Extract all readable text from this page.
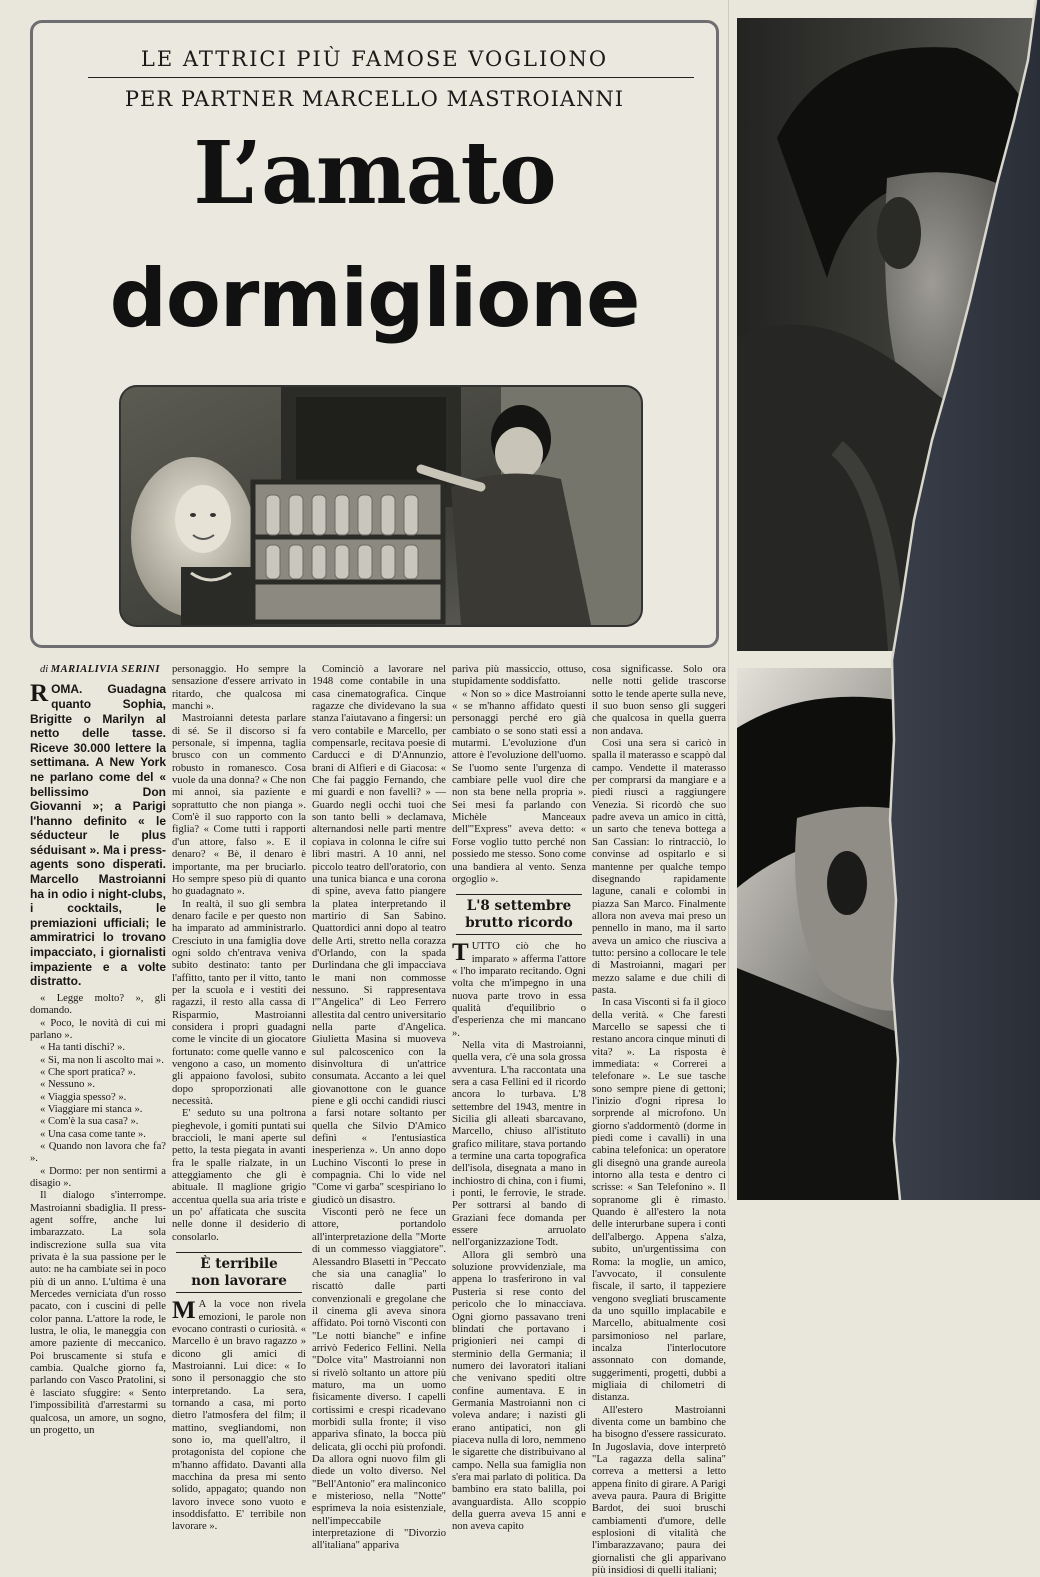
LE ATTRICI PIÙ FAMOSE VOGLIONO
PER PARTNER MARCELLO MASTROIANNI
L’amato
dormiglione

di MARIALIVIA SERINI

ROMA. Guadagna quanto Sophia, Brigitte o Marilyn al netto delle tasse. Riceve 30.000 lettere la settimana. A New York ne parlano come del « bellissimo Don Giovanni »; a Parigi l'hanno definito « le séducteur le plus séduisant ». Ma i press-agents sono disperati. Marcello Mastroianni ha in odio i night-clubs, i cocktails, le premiazioni ufficiali; le ammiratrici lo trovano impacciato, i giornalisti impaziente e a volte distratto.

« Legge molto? », gli domando.

« Poco, le novità di cui mi parlano ».

« Ha tanti dischi? ».

« Sì, ma non li ascolto mai ».

« Che sport pratica? ».

« Nessuno ».

« Viaggia spesso? ».

« Viaggiare mi stanca ».

« Com'è la sua casa? ».

« Una casa come tante ».

« Quando non lavora che fa? ».

« Dormo: per non sentirmi a disagio ».

Il dialogo s'interrompe. Mastroianni sbadiglia. Il press-agent soffre, anche lui imbarazzato. La sola indiscrezione sulla sua vita privata è la sua passione per le auto: ne ha cambiate sei in poco più di un anno. L'ultima è una Mercedes verniciata d'un rosso pacato, con i cuscini di pelle color panna. L'attore la rode, le lustra, le olia, le maneggia con amore paziente di meccanico. Poi bruscamente si stufa e cambia. Qualche giorno fa, parlando con Vasco Pratolini, si è lasciato sfuggire: « Sento l'impossibilità d'arrestarmi su qualcosa, un amore, un sogno, un progetto, un

personaggio. Ho sempre la sensazione d'essere arrivato in ritardo, che qualcosa mi manchi ».

Mastroianni detesta parlare di sé. Se il discorso si fa personale, si impenna, taglia brusco con un commento robusto in romanesco. Cosa vuole da una donna? « Che non mi annoi, sia paziente e soprattutto che non pianga ». Com'è il suo rapporto con la figlia? « Come tutti i rapporti d'un attore, falso ». E il denaro? « Bè, il denaro è importante, ma per bruciarlo. Ho sempre speso più di quanto ho guadagnato ».

In realtà, il suo gli sembra denaro facile e per questo non ha imparato ad amministrarlo. Cresciuto in una famiglia dove ogni soldo ch'entrava veniva subito destinato: tanto per l'affitto, tanto per il vitto, tanto per la scuola e i vestiti dei ragazzi, il resto alla cassa di Risparmio, Mastroianni considera i propri guadagni come le vincite di un giocatore fortunato: come quelle vanno e vengono a caso, un momento gli appaiono favolosi, subito dopo sproporzionati alle necessità.

E' seduto su una poltrona pieghevole, i gomiti puntati sui braccioli, le mani aperte sul petto, la testa piegata in avanti fra le spalle rialzate, in un atteggiamento che gli è abituale. Il maglione grigio accentua quella sua aria triste e un po' affaticata che suscita nelle donne il desiderio di consolarlo.

È terribile
non lavorare

M A la voce non rivela emozioni, le parole non evocano contrasti o curiosità. « Marcello è un bravo ragazzo » dicono gli amici di Mastroianni. Lui dice: « Io sono il personaggio che sto interpretando. La sera, tornando a casa, mi porto dietro l'atmosfera del film; il mattino, svegliandomi, non sono io, ma quell'altro, il protagonista del copione che m'hanno affidato. Davanti alla macchina da presa mi sento solido, appagato; quando non lavoro invece sono vuoto e insoddisfatto. E' terribile non lavorare ».

Cominciò a lavorare nel 1948 come contabile in una casa cinematografica. Cinque ragazze che dividevano la sua stanza l'aiutavano a fingersi: un vero contabile e Marcello, per compensarle, recitava poesie di Carducci e di D'Annunzio, brani di Alfieri e di Giacosa: « Che fai paggio Fernando, che mi guardi e non favelli? » — Guardo negli occhi tuoi che son tanto belli » declamava, alternandosi nelle parti mentre copiava in colonna le cifre sui libri mastri. A 10 anni, nel piccolo teatro dell'oratorio, con una tunica bianca e una corona di spine, aveva fatto piangere la platea interpretando il martirio di San Sabino. Quattordici anni dopo al teatro delle Arti, stretto nella corazza d'Orlando, con la spada Durlindana che gli impacciava le mani non commosse nessuno. Si rappresentava l'"Angelica" di Leo Ferrero allestita dal centro universitario nella parte d'Angelica. Giulietta Masina si muoveva sul palcoscenico con la disinvoltura di un'attrice consumata. Accanto a lei quel giovanottone con le guance piene e gli occhi candidi riusci a farsi notare soltanto per quella che Silvio D'Amico definì « l'entusiastica inesperienza ». Un anno dopo Luchino Visconti lo prese in compagnia. Chi lo vide nel "Come vi garba" scespiriano lo giudicò un disastro.

Visconti però ne fece un attore, portandolo all'interpretazione della "Morte di un commesso viaggiatore". Alessandro Blasetti in "Peccato che sia una canaglia" lo riscattò dalle parti convenzionali e gregolane che il cinema gli aveva sinora affidato. Poi tornò Visconti con "Le notti bianche" e infine arrivò Federico Fellini. Nella "Dolce vita" Mastroianni non si rivelò soltanto un attore più maturo, ma un uomo fisicamente diverso. I capelli cortissimi e crespi ricadevano morbidi sulla fronte; il viso appariva sfinato, la bocca più delicata, gli occhi più profondi. Da allora ogni nuovo film gli diede un volto diverso. Nel "Bell'Antonio" era malinconico e misterioso, nella "Notte" esprimeva la noia esistenziale, nell'impeccabile interpretazione di "Divorzio all'italiana" appariva

pariva più massiccio, ottuso, stupidamente soddisfatto.

« Non so » dice Mastroianni « se m'hanno affidato questi personaggi perché ero già cambiato o se sono stati essi a mutarmi. L'evoluzione d'un attore è l'evoluzione dell'uomo. Se l'uomo sente l'urgenza di cambiare pelle vuol dire che non sta bene nella propria ». Sei mesi fa parlando con Michèle Manceaux dell'"Express" aveva detto: « Forse voglio tutto perché non possiedo me stesso. Sono come una bandiera al vento. Senza orgoglio ».

L'8 settembre
brutto ricordo

TUTTO ciò che ho imparato » afferma l'attore « l'ho imparato recitando. Ogni volta che m'impegno in una nuova parte trovo in essa qualità d'equilibrio o d'esperienza che mi mancano ».

Nella vita di Mastroianni, quella vera, c'è una sola grossa avventura. L'ha raccontata una sera a casa Fellini ed il ricordo ancora lo turbava. L'8 settembre del 1943, mentre in Sicilia gli alleati sbarcavano, Marcello, chiuso all'istituto grafico militare, stava portando a termine una carta topografica dell'isola, disegnata a mano in inchiostro di china, con i fiumi, i ponti, le ferrovie, le strade. Per sottrarsi al bando di Graziani fece domanda per essere arruolato nell'organizzazione Todt.

Allora gli sembrò una soluzione provvidenziale, ma appena lo trasferirono in val Pusteria si rese conto del pericolo che lo minacciava. Ogni giorno passavano treni blindati che portavano i prigionieri nei campi di sterminio della Germania; il numero dei lavoratori italiani che venivano spediti oltre confine aumentava. E in Germania Mastroianni non ci voleva andare; i nazisti gli erano antipatici, non gli piaceva nulla di loro, nemmeno le sigarette che distribuivano al campo. Nella sua famiglia non s'era mai parlato di politica. Da bambino era stato balilla, poi avanguardista. Allo scoppio della guerra aveva 15 anni e non aveva capito

cosa significasse. Solo ora nelle notti gelide trascorse sotto le tende aperte sulla neve, il suo buon senso gli suggeri che qualcosa in quella guerra non andava.

Così una sera si caricò in spalla il materasso e scappò dal campo. Vendette il materasso per comprarsi da mangiare e a piedi riuscì a raggiungere Venezia. Si ricordò che suo padre aveva un amico in città, un sarto che teneva bottega a San Cassian: lo rintracciò, lo convinse ad ospitarlo e si mantenne per qualche tempo disegnando rapidamente lagune, canali e colombi in piazza San Marco. Finalmente allora non aveva mai preso un pennello in mano, ma il sarto aveva un amico che riusciva a tutto: persino a collocare le tele di Mastroianni, magari per mezzo salame e due chili di pasta.

In casa Visconti si fa il gioco della verità. « Che faresti Marcello se sapessi che ti restano ancora cinque minuti di vita? ». La risposta è immediata: « Correrei a telefonare ». Le sue tasche sono sempre piene di gettoni; l'inizio d'ogni ripresa lo sorprende al microfono. Un giorno s'addormentò (dorme in piedi come i cavalli) in una cabina telefonica: un operatore gli disegnò una grande aureola intorno alla testa e dentro ci scrisse: « San Telefonino ». Il sopranome gli è rimasto. Quando è all'estero la nota delle interurbane supera i conti dell'albergo. Appena s'alza, subito, un'urgentissima con Roma: la moglie, un amico, l'avvocato, il consulente fiscale, il sarto, il tappeziere vengono svegliati bruscamente da uno squillo implacabile e Marcello, abitualmente così parsimonioso nel parlare, incalza l'interlocutore assonnato con domande, suggerimenti, progetti, dubbi a migliaia di chilometri di distanza.

All'estero Mastroianni diventa come un bambino che ha bisogno d'essere rassicurato. In Jugoslavia, dove interpretò "La ragazza della salina" correva a mettersi a letto appena finito di girare. A Parigi aveva paura. Paura di Brigitte Bardot, dei suoi bruschi cambiamenti d'umore, delle esplosioni di vitalità che l'imbarazzavano; paura dei giornalisti che gli apparivano più insidiosi di quelli italiani;
